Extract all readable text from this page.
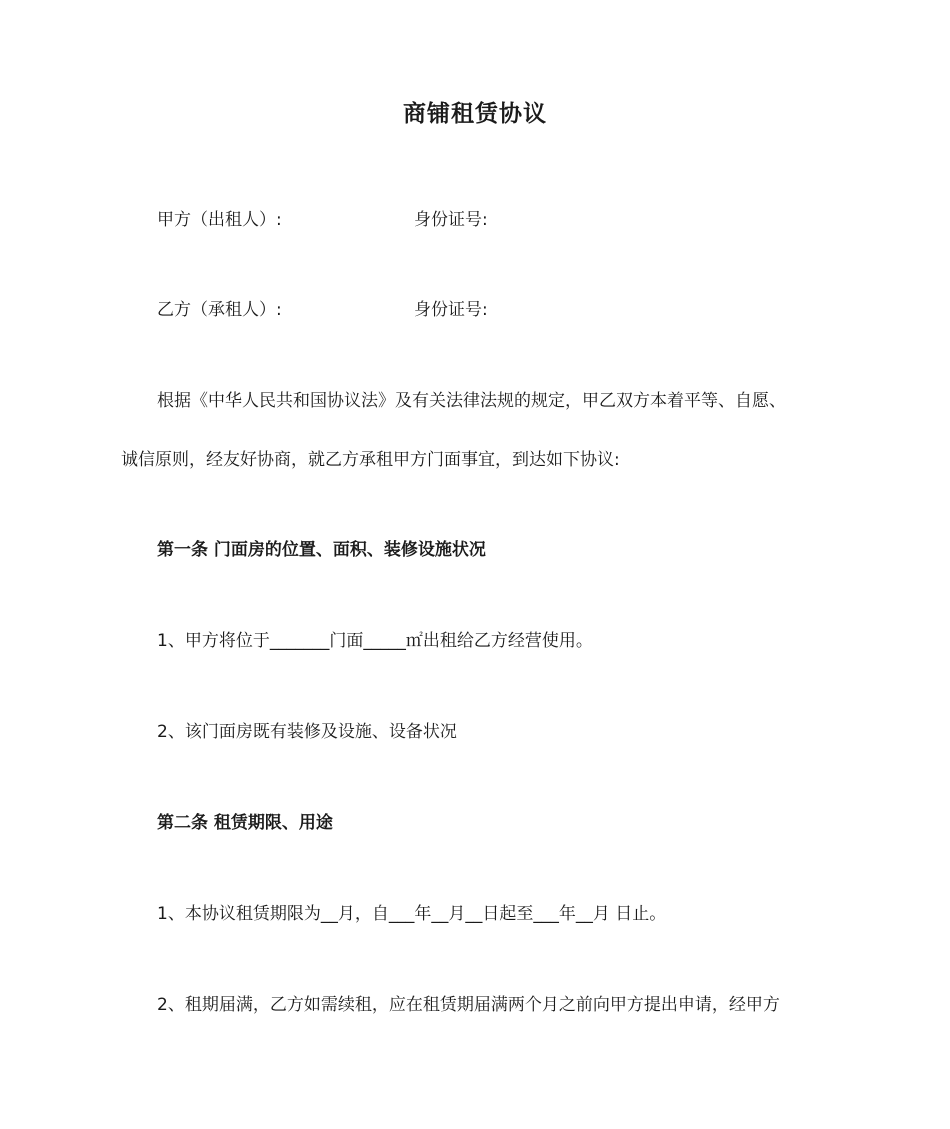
商铺租赁协议
甲方（出租人）:	身份证号:
乙方（承租人）:	身份证号:
根据《中华人民共和国协议法》及有关法律法规的规定，甲乙双方本着平等、自愿、
诚信原则，经友好协商，就乙方承租甲方门面事宜，到达如下协议:
第一条 门面房的位置、面积、装修设施状况
1、甲方将位于_______门面_____㎡出租给乙方经营使用。
2、该门面房既有装修及设施、设备状况
第二条 租赁期限、用途
1、本协议租赁期限为__月，自___年__月__日起至___年__月 日止。
2、租期届满，乙方如需续租，应在租赁期届满两个月之前向甲方提出申请，经甲方
